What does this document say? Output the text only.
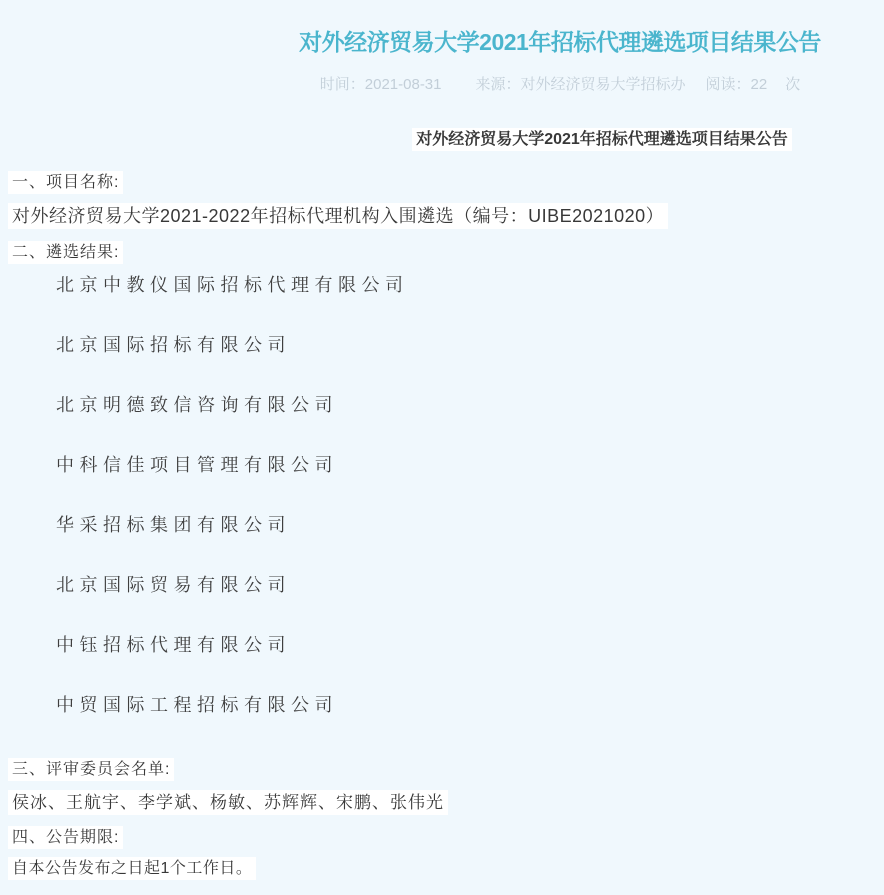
对外经济贸易大学2021年招标代理遴选项目结果公告
时间：2021-08-31 来源：对外经济贸易大学招标办 阅读：22 次

对外经济贸易大学2021年招标代理遴选项目结果公告

一、项目名称:

对外经济贸易大学2021-2022年招标代理机构入围遴选（编号：UIBE2021020）

二、遴选结果:

北京中教仪国际招标代理有限公司

北京国际招标有限公司

北京明德致信咨询有限公司

中科信佳项目管理有限公司

华采招标集团有限公司

北京国际贸易有限公司

中钰招标代理有限公司

中贸国际工程招标有限公司

三、评审委员会名单:

侯冰、王航宇、李学斌、杨敏、苏辉辉、宋鹏、张伟光

四、公告期限:

自本公告发布之日起1个工作日。
